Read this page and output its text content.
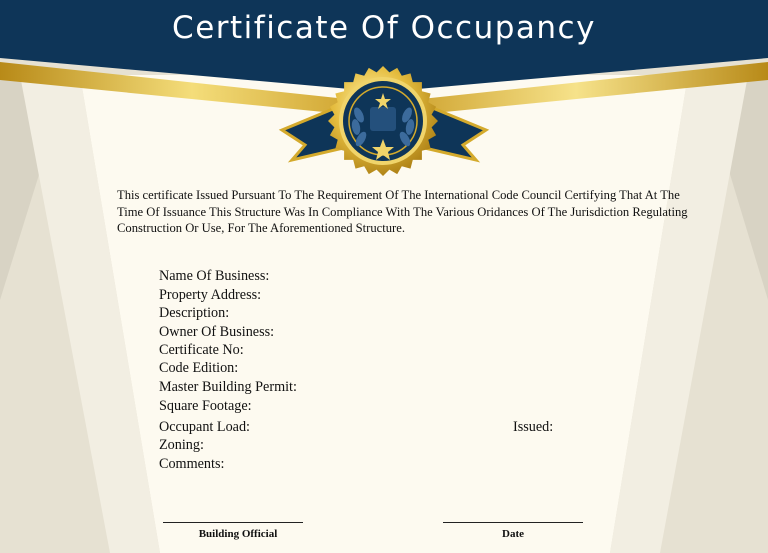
Certificate Of Occupancy

This certificate Issued Pursuant To The Requirement Of The International Code Council Certifying That At The Time Of Issuance This Structure Was In Compliance With The Various Oridances Of The Jurisdiction Regulating Construction Or Use, For The Aforementioned Structure.

Name Of Business:
Property Address:
Description:
Owner Of Business:
Certificate No:
Code Edition:
Master Building Permit:
Square Footage:
Occupant Load:
Zoning:
Comments:
Issued:
Building Official	Date
